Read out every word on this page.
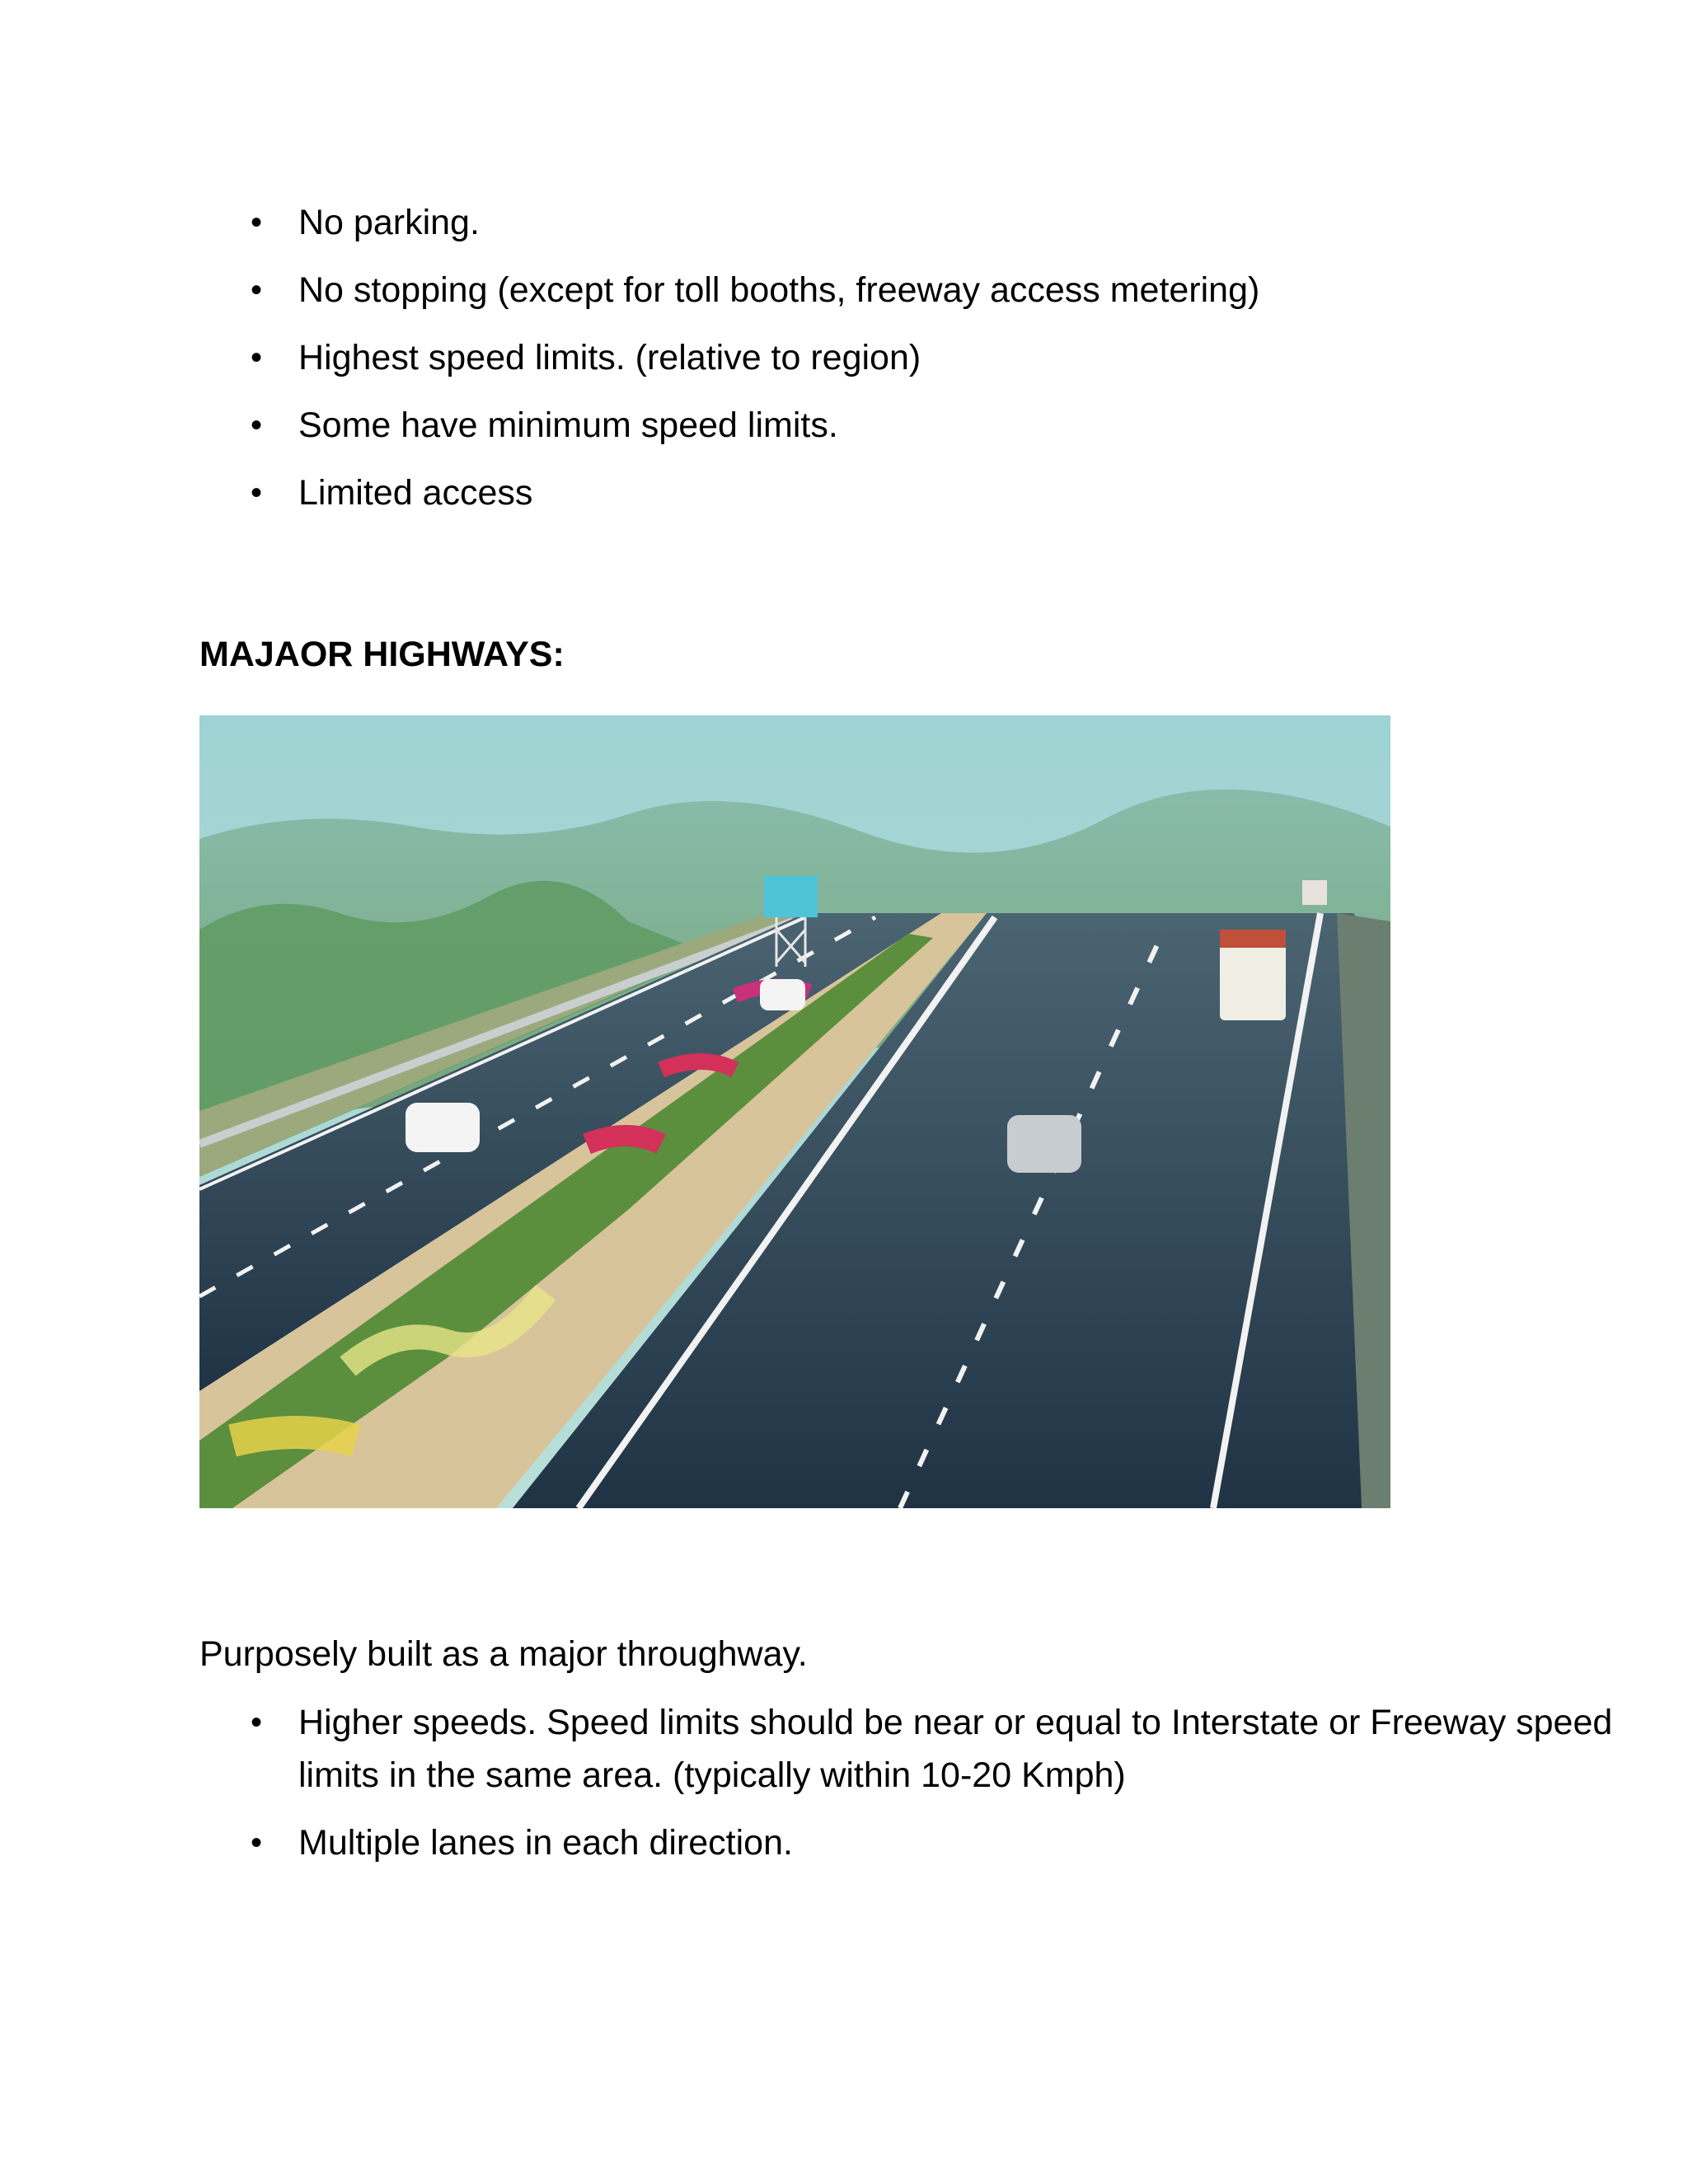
• No parking.
• No stopping (except for toll booths, freeway access metering)
• Highest speed limits. (relative to region)
• Some have minimum speed limits.
• Limited access
MAJAOR HIGHWAYS:

Purposely built as a major throughway.

• Higher speeds. Speed limits should be near or equal to Interstate or Freeway speed limits in the same area. (typically within 10-20 Kmph)
• Multiple lanes in each direction.
